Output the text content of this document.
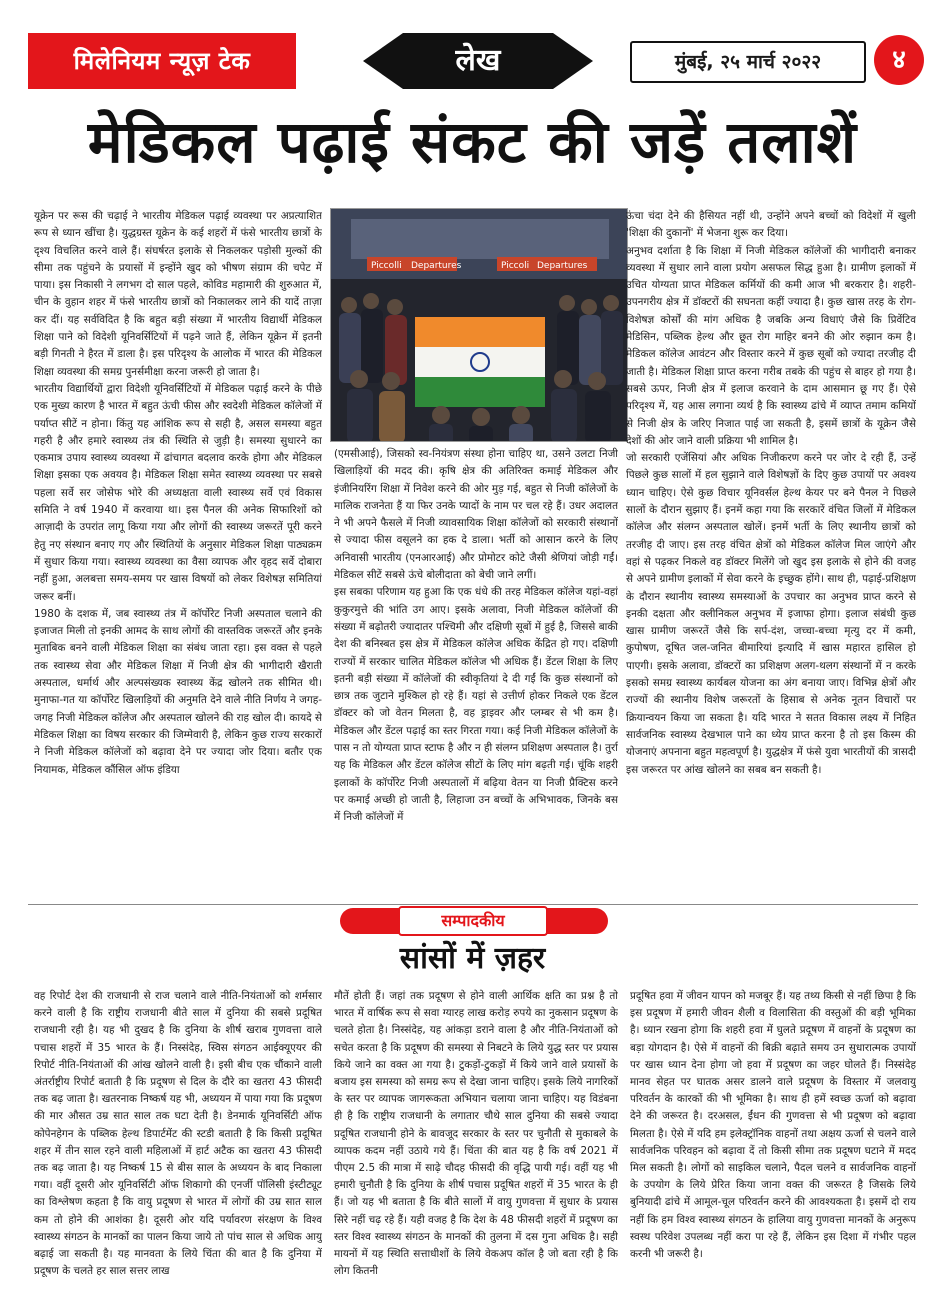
मिलेनियम न्यूज़ टेक	लेख	मुंबई, २५ मार्च २०२२	४
मेडिकल पढ़ाई संकट की जड़ें तलाशें

यूक्रेन पर रूस की चढ़ाई ने भारतीय मेडिकल पढ़ाई व्यवस्था पर अप्रत्याशित रूप से ध्यान खींचा है। युद्धग्रस्त यूक्रेन के कई शहरों में फंसे भारतीय छात्रों के दृश्य विचलित करने वाले हैं। संघर्षरत इलाके से निकलकर पड़ोसी मुल्कों की सीमा तक पहुंचने के प्रयासों में इन्होंने खुद को भीषण संग्राम की चपेट में पाया। इस निकासी ने लगभग दो साल पहले, कोविड महामारी की शुरुआत में, चीन के वुहान शहर में फंसे भारतीय छात्रों को निकालकर लाने की यादें ताज़ा कर दीं। यह सर्वविदित है कि बहुत बड़ी संख्या में भारतीय विद्यार्थी मेडिकल शिक्षा पाने को विदेशी यूनिवर्सिटियों में पढ़ने जाते हैं, लेकिन यूक्रेन में इतनी बड़ी गिनती ने हैरत में डाला है। इस परिदृश्य के आलोक में भारत की मेडिकल शिक्षा व्यवस्था की समग्र पुनर्समीक्षा करना जरूरी हो जाता है।

भारतीय विद्यार्थियों द्वारा विदेशी यूनिवर्सिटियों में मेडिकल पढ़ाई करने के पीछे एक मुख्य कारण है भारत में बहुत ऊंची फीस और स्वदेशी मेडिकल कॉलेजों में पर्याप्त सीटें न होना। किंतु यह आंशिक रूप से सही है, असल समस्या बहुत गहरी है और हमारे स्वास्थ्य तंत्र की स्थिति से जुड़ी है। समस्या सुधारने का एकमात्र उपाय स्वास्थ्य व्यवस्था में ढांचागत बदलाव करके होगा और मेडिकल शिक्षा इसका एक अवयव है। मेडिकल शिक्षा समेत स्वास्थ्य व्यवस्था पर सबसे पहला सर्वे सर जोसेफ भोरे की अध्यक्षता वाली स्वास्थ्य सर्वे एवं विकास समिति ने वर्ष 1940 में करवाया था। इस पैनल की अनेक सिफारिशों को आज़ादी के उपरांत लागू किया गया और लोगों की स्वास्थ्य जरूरतें पूरी करने हेतु नए संस्थान बनाए गए और स्थितियों के अनुसार मेडिकल शिक्षा पाठ्यक्रम में सुधार किया गया। स्वास्थ्य व्यवस्था का वैसा व्यापक और वृहद सर्वे दोबारा नहीं हुआ, अलबत्ता समय-समय पर खास विषयों को लेकर विशेषज्ञ समितियां जरूर बनीं।

1980 के दशक में, जब स्वास्थ्य तंत्र में कॉर्पोरेट निजी अस्पताल चलाने की इजाजत मिली तो इनकी आमद के साथ लोगों की वास्तविक जरूरतें और इनके मुताबिक बनने वाली मेडिकल शिक्षा का संबंध जाता रहा। इस वक्त से पहले तक स्वास्थ्य सेवा और मेडिकल शिक्षा में निजी क्षेत्र की भागीदारी खैराती अस्पताल, धर्मार्थ और अल्पसंख्यक स्वास्थ्य केंद्र खोलने तक सीमित थी। मुनाफा-गत या कॉर्पोरेट खिलाड़ियों की अनुमति देने वाले नीति निर्णय ने जगह-जगह निजी मेडिकल कॉलेज और अस्पताल खोलने की राह खोल दी। कायदे से मेडिकल शिक्षा का विषय सरकार की जिम्मेवारी है, लेकिन कुछ राज्य सरकारों ने निजी मेडिकल कॉलेजों को बढ़ावा देने पर ज्यादा जोर दिया। बतौर एक नियामक, मेडिकल कौंसिल ऑफ इंडिया

Piccolli Departures	Piccoli Departures

(एमसीआई), जिसको स्व-नियंत्रण संस्था होना चाहिए था, उसने उलटा निजी खिलाड़ियों की मदद की। कृषि क्षेत्र की अतिरिक्त कमाई मेडिकल और इंजीनियरिंग शिक्षा में निवेश करने की ओर मुड़ गई, बहुत से निजी कॉलेजों के मालिक राजनेता हैं या फिर उनके प्यादों के नाम पर चल रहे हैं। उधर अदालत ने भी अपने फैसले में निजी व्यावसायिक शिक्षा कॉलेजों को सरकारी संस्थानों से ज्यादा फीस वसूलने का हक दे डाला। भर्ती को आसान करने के लिए अनिवासी भारतीय (एनआरआई) और प्रोमोटर कोटे जैसी श्रेणियां जोड़ी गईं। मेडिकल सीटें सबसे ऊंचे बोलीदाता को बेची जाने लगीं।

इस सबका परिणाम यह हुआ कि एक धंधे की तरह मेडिकल कॉलेज यहां-वहां कुकुरमुत्ते की भांति उग आए। इसके अलावा, निजी मेडिकल कॉलेजों की संख्या में बढ़ोतरी ज्यादातर पश्चिमी और दक्षिणी सूबों में हुई है, जिससे बाकी देश की बनिस्बत इस क्षेत्र में मेडिकल कॉलेज अधिक केंद्रित हो गए। दक्षिणी राज्यों में सरकार चालित मेडिकल कॉलेज भी अधिक हैं। डेंटल शिक्षा के लिए इतनी बड़ी संख्या में कॉलेजों की स्वीकृतियां दे दी गईं कि कुछ संस्थानों को छात्र तक जुटाने मुश्किल हो रहे हैं। यहां से उत्तीर्ण होकर निकले एक डेंटल डॉक्टर को जो वेतन मिलता है, वह ड्राइवर और प्लम्बर से भी कम है। मेडिकल और डेंटल पढ़ाई का स्तर गिरता गया। कई निजी मेडिकल कॉलेजों के पास न तो योग्यता प्राप्त स्टाफ है और न ही संलग्न प्रशिक्षण अस्पताल है। तुर्रा यह कि मेडिकल और डेंटल कॉलेज सीटों के लिए मांग बढ़ती गई। चूंकि शहरी इलाकों के कॉर्पोरेट निजी अस्पतालों में बढ़िया वेतन या निजी प्रैक्टिस करने पर कमाई अच्छी हो जाती है, लिहाजा उन बच्चों के अभिभावक, जिनके बस में निजी कॉलेजों में

ऊंचा चंदा देने की हैसियत नहीं थी, उन्होंने अपने बच्चों को विदेशों में खुली 'शिक्षा की दुकानों' में भेजना शुरू कर दिया।

अनुभव दर्शाता है कि शिक्षा में निजी मेडिकल कॉलेजों की भागीदारी बनाकर व्यवस्था में सुधार लाने वाला प्रयोग असफल सिद्ध हुआ है। ग्रामीण इलाकों में उचित योग्यता प्राप्त मेडिकल कर्मियों की कमी आज भी बरकरार है। शहरी-उपनगरीय क्षेत्र में डॉक्टरों की सघनता कहीं ज्यादा है। कुछ खास तरह के रोग-विशेषज्ञ कोर्सों की मांग अधिक है जबकि अन्य विधाएं जैसे कि प्रिवेंटिव मेडिसिन, पब्लिक हेल्थ और छूत रोग माहिर बनने की ओर रुझान कम है। मेडिकल कॉलेज आवंटन और विस्तार करने में कुछ सूबों को ज्यादा तरजीह दी जाती है। मेडिकल शिक्षा प्राप्त करना गरीब तबके की पहुंच से बाहर हो गया है। सबसे ऊपर, निजी क्षेत्र में इलाज करवाने के दाम आसमान छू गए हैं। ऐसे परिदृश्य में, यह आस लगाना व्यर्थ है कि स्वास्थ्य ढांचे में व्याप्त तमाम कमियों से निजी क्षेत्र के जरिए निजात पाई जा सकती है, इसमें छात्रों के यूक्रेन जैसे देशों की ओर जाने वाली प्रक्रिया भी शामिल है।

जो सरकारी एजेंसियां और अधिक निजीकरण करने पर जोर दे रही हैं, उन्हें पिछले कुछ सालों में हल सुझाने वाले विशेषज्ञों के दिए कुछ उपायों पर अवश्य ध्यान चाहिए। ऐसे कुछ विचार यूनिवर्सल हेल्थ केयर पर बने पैनल ने पिछले सालों के दौरान सुझाए हैं। इनमें कहा गया कि सरकारें वंचित जिलों में मेडिकल कॉलेज और संलग्न अस्पताल खोलें। इनमें भर्ती के लिए स्थानीय छात्रों को तरजीह दी जाए। इस तरह वंचित क्षेत्रों को मेडिकल कॉलेज मिल जाएंगे और वहां से पढ़कर निकले वह डॉक्टर मिलेंगे जो खुद इस इलाके से होने की वजह से अपने ग्रामीण इलाकों में सेवा करने के इच्छुक होंगे। साथ ही, पढ़ाई-प्रशिक्षण के दौरान स्थानीय स्वास्थ्य समस्याओं के उपचार का अनुभव प्राप्त करने से इनकी दक्षता और क्लीनिकल अनुभव में इजाफा होगा। इलाज संबंधी कुछ खास ग्रामीण जरूरतें जैसे कि सर्प-दंश, जच्चा-बच्चा मृत्यु दर में कमी, कुपोषण, दूषित जल-जनित बीमारियां इत्यादि में खास महारत हासिल हो पाएगी। इसके अलावा, डॉक्टरों का प्रशिक्षण अलग-थलग संस्थानों में न करके इसको समग्र स्वास्थ्य कार्यबल योजना का अंग बनाया जाए। विभिन्न क्षेत्रों और राज्यों की स्थानीय विशेष जरूरतों के हिसाब से अनेक नूतन विचारों पर क्रियान्वयन किया जा सकता है। यदि भारत ने सतत विकास लक्ष्य में निहित सार्वजनिक स्वास्थ्य देखभाल पाने का ध्येय प्राप्त करना है तो इस किस्म की योजनाएं अपनाना बहुत महत्वपूर्ण है। युद्धक्षेत्र में फंसे युवा भारतीयों की त्रासदी इस जरूरत पर आंख खोलने का सबब बन सकती है।

सम्पादकीय
सांसों में ज़हर

वह रिपोर्ट देश की राजधानी से राज चलाने वाले नीति-नियंताओं को शर्मसार करने वाली है कि राष्ट्रीय राजधानी बीते साल में दुनिया की सबसे प्रदूषित राजधानी रही है। यह भी दुखद है कि दुनिया के शीर्ष खराब गुणवत्ता वाले पचास शहरों में 35 भारत के हैं। निस्संदेह, स्विस संगठन आईक्यूएयर की रिपोर्ट नीति-नियंताओं की आंख खोलने वाली है। इसी बीच एक चौंकाने वाली अंतर्राष्ट्रीय रिपोर्ट बताती है कि प्रदूषण से दिल के दौरे का खतरा 43 फीसदी तक बढ़ जाता है। खतरनाक निष्कर्ष यह भी, अध्ययन में पाया गया कि प्रदूषण की मार औसत उम्र सात साल तक घटा देती है। डेनमार्क यूनिवर्सिटी ऑफ कोपेनहेगन के पब्लिक हेल्थ डिपार्टमेंट की स्टडी बताती है कि किसी प्रदूषित शहर में तीन साल रहने वाली महिलाओं में हार्ट अटैक का खतरा 43 फीसदी तक बढ़ जाता है। यह निष्कर्ष 15 से बीस साल के अध्ययन के बाद निकाला गया। वहीं दूसरी ओर यूनिवर्सिटी ऑफ शिकागो की एनर्जी पॉलिसी इंस्टीट्यूट का विश्लेषण कहता है कि वायु प्रदूषण से भारत में लोगों की उम्र सात साल कम तो होने की आशंका है। दूसरी ओर यदि पर्यावरण संरक्षण के विश्व स्वास्थ्य संगठन के मानकों का पालन किया जाये तो पांच साल से अधिक आयु बढ़ाई जा सकती है। यह मानवता के लिये चिंता की बात है कि दुनिया में प्रदूषण के चलते हर साल सत्तर लाख

मौतें होती हैं। जहां तक प्रदूषण से होने वाली आर्थिक क्षति का प्रश्न है तो भारत में वार्षिक रूप से सवा ग्यारह लाख करोड़ रुपये का नुकसान प्रदूषण के चलते होता है। निस्संदेह, यह आंकड़ा डराने वाला है और नीति-नियंताओं को सचेत करता है कि प्रदूषण की समस्या से निबटने के लिये युद्ध स्तर पर प्रयास किये जाने का वक्त आ गया है। टुकड़ों-टुकड़ों में किये जाने वाले प्रयासों के बजाय इस समस्या को समग्र रूप से देखा जाना चाहिए। इसके लिये नागरिकों के स्तर पर व्यापक जागरूकता अभियान चलाया जाना चाहिए। यह विडंबना ही है कि राष्ट्रीय राजधानी के लगातार चौथे साल दुनिया की सबसे ज्यादा प्रदूषित राजधानी होने के बावजूद सरकार के स्तर पर चुनौती से मुकाबले के व्यापक कदम नहीं उठाये गये हैं। चिंता की बात यह है कि वर्ष 2021 में पीएम 2.5 की मात्रा में साढ़े चौदह फीसदी की वृद्धि पायी गई। वहीं यह भी हमारी चुनौती है कि दुनिया के शीर्ष पचास प्रदूषित शहरों में 35 भारत के ही हैं। जो यह भी बताता है कि बीते सालों में वायु गुणवत्ता में सुधार के प्रयास सिरे नहीं चढ़ रहे हैं। यही वजह है कि देश के 48 फीसदी शहरों में प्रदूषण का स्तर विश्व स्वास्थ्य संगठन के मानकों की तुलना में दस गुना अधिक है। सही मायनों में यह स्थिति सत्ताधीशों के लिये वेकअप कॉल है जो बता रही है कि लोग कितनी

प्रदूषित हवा में जीवन यापन को मजबूर हैं। यह तथ्य किसी से नहीं छिपा है कि इस प्रदूषण में हमारी जीवन शैली व विलासिता की वस्तुओं की बड़ी भूमिका है। ध्यान रखना होगा कि शहरी हवा में घुलते प्रदूषण में वाहनों के प्रदूषण का बड़ा योगदान है। ऐसे में वाहनों की बिक्री बढ़ाते समय उन सुधारात्मक उपायों पर खास ध्यान देना होगा जो हवा में प्रदूषण का जहर घोलते हैं। निस्संदेह मानव सेहत पर घातक असर डालने वाले प्रदूषण के विस्तार में जलवायु परिवर्तन के कारकों की भी भूमिका है। साथ ही हमें स्वच्छ ऊर्जा को बढ़ावा देने की जरूरत है। दरअसल, ईंधन की गुणवत्ता से भी प्रदूषण को बढ़ावा मिलता है। ऐसे में यदि हम इलेक्ट्रॉनिक वाहनों तथा अक्षय ऊर्जा से चलने वाले सार्वजनिक परिवहन को बढ़ावा दें तो किसी सीमा तक प्रदूषण घटाने में मदद मिल सकती है। लोगों को साइकिल चलाने, पैदल चलने व सार्वजनिक वाहनों के उपयोग के लिये प्रेरित किया जाना वक्त की जरूरत है जिसके लिये बुनियादी ढांचे में आमूल-चूल परिवर्तन करने की आवश्यकता है। इसमें दो राय नहीं कि हम विश्व स्वास्थ्य संगठन के हालिया वायु गुणवत्ता मानकों के अनुरूप स्वस्थ परिवेश उपलब्ध नहीं करा पा रहे हैं, लेकिन इस दिशा में गंभीर पहल करनी भी जरूरी है।
